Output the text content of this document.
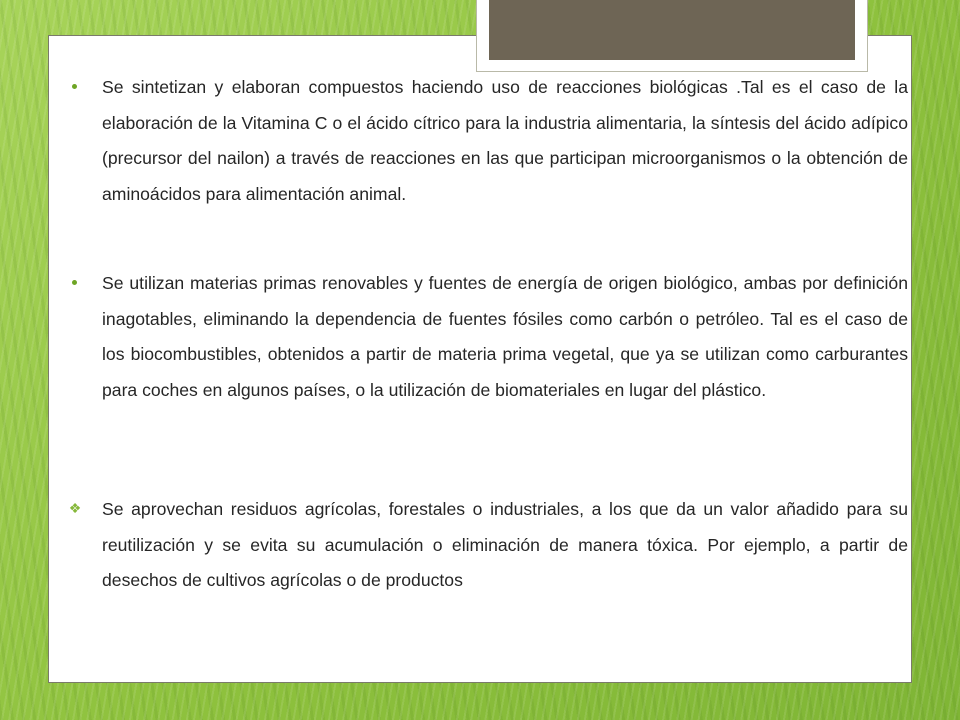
Se sintetizan y elaboran compuestos haciendo uso de reacciones biológicas .Tal es el caso de la elaboración de la Vitamina C o el ácido cítrico para la industria alimentaria, la síntesis del ácido adípico (precursor del nailon) a través de reacciones en las que participan microorganismos o la obtención de aminoácidos para alimentación animal.
Se utilizan materias primas renovables y fuentes de energía de origen biológico, ambas por definición inagotables, eliminando la dependencia de fuentes fósiles como carbón o petróleo. Tal es el caso de los biocombustibles, obtenidos a partir de materia prima vegetal, que ya se utilizan como carburantes para coches en algunos países, o la utilización de biomateriales en lugar del plástico.
❖ Se aprovechan residuos agrícolas, forestales o industriales, a los que da un valor añadido para su reutilización y se evita su acumulación o eliminación de manera tóxica. Por ejemplo, a partir de desechos de cultivos agrícolas o de productos
